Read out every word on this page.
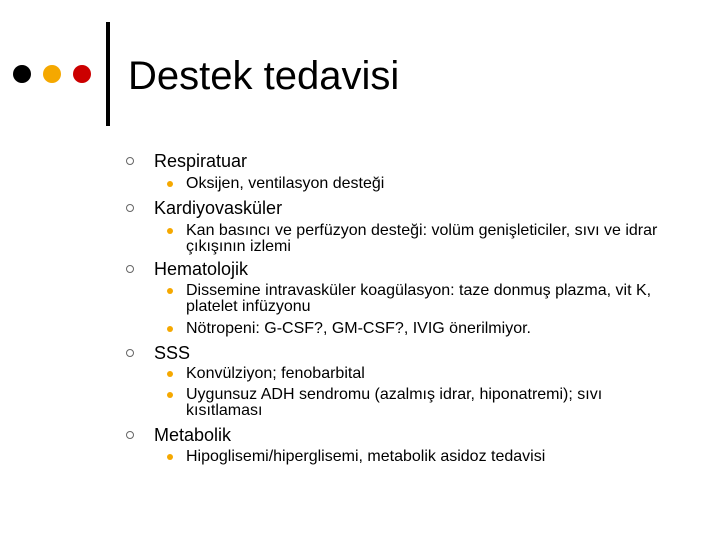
Destek tedavisi
Respiratuar
Oksijen, ventilasyon desteği
Kardiyovasküler
Kan basıncı ve perfüzyon desteği: volüm genişleticiler, sıvı ve idrar çıkışının izlemi
Hematolojik
Dissemine intravasküler koagülasyon: taze donmuş plazma, vit K, platelet infüzyonu
Nötropeni: G-CSF?, GM-CSF?, IVIG önerilmiyor.
SSS
Konvülziyon; fenobarbital
Uygunsuz ADH sendromu (azalmış idrar, hiponatremi); sıvı kısıtlaması
Metabolik
Hipoglisemi/hiperglisemi, metabolik asidoz tedavisi
